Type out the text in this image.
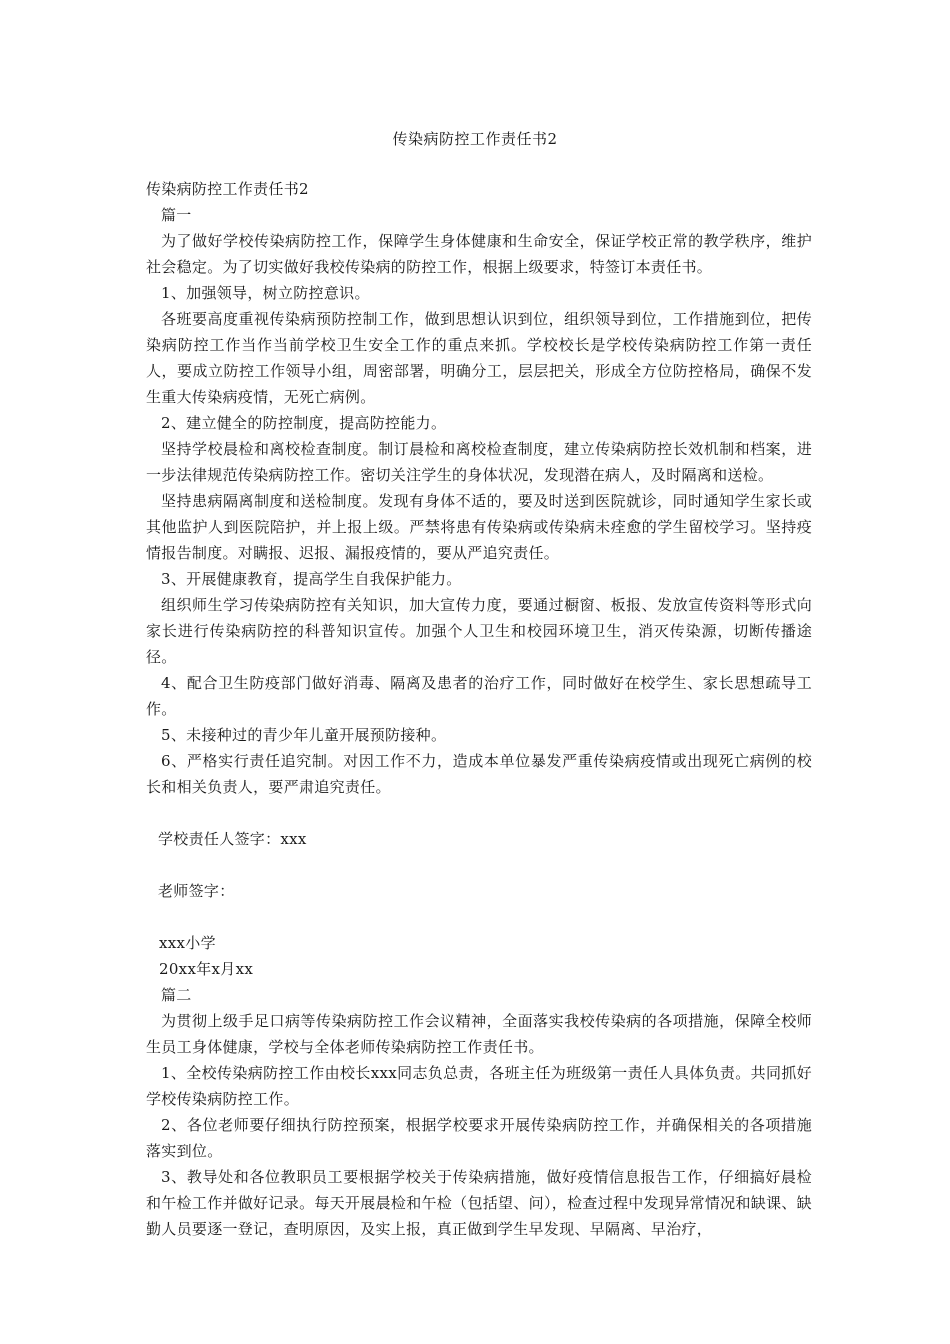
传染病防控工作责任书2

传染病防控工作责任书2

篇一

为了做好学校传染病防控工作，保障学生身体健康和生命安全，保证学校正常的教学秩序，维护社会稳定。为了切实做好我校传染病的防控工作，根据上级要求，特签订本责任书。

1、加强领导，树立防控意识。

各班要高度重视传染病预防控制工作，做到思想认识到位，组织领导到位，工作措施到位，把传染病防控工作当作当前学校卫生安全工作的重点来抓。学校校长是学校传染病防控工作第一责任人，要成立防控工作领导小组，周密部署，明确分工，层层把关，形成全方位防控格局，确保不发生重大传染病疫情，无死亡病例。

2、建立健全的防控制度，提高防控能力。

坚持学校晨检和离校检查制度。制订晨检和离校检查制度，建立传染病防控长效机制和档案，进一步法律规范传染病防控工作。密切关注学生的身体状况，发现潜在病人，及时隔离和送检。

坚持患病隔离制度和送检制度。发现有身体不适的，要及时送到医院就诊，同时通知学生家长或其他监护人到医院陪护，并上报上级。严禁将患有传染病或传染病未痊愈的学生留校学习。坚持疫情报告制度。对瞒报、迟报、漏报疫情的，要从严追究责任。

3、开展健康教育，提高学生自我保护能力。

组织师生学习传染病防控有关知识，加大宣传力度，要通过橱窗、板报、发放宣传资料等形式向家长进行传染病防控的科普知识宣传。加强个人卫生和校园环境卫生，消灭传染源，切断传播途径。

4、配合卫生防疫部门做好消毒、隔离及患者的治疗工作，同时做好在校学生、家长思想疏导工作。

5、未接种过的青少年儿童开展预防接种。

6、严格实行责任追究制。对因工作不力，造成本单位暴发严重传染病疫情或出现死亡病例的校长和相关负责人，要严肃追究责任。

学校责任人签字：xxx

老师签字：

xxx小学

20xx年x月xx

篇二

为贯彻上级手足口病等传染病防控工作会议精神，全面落实我校传染病的各项措施，保障全校师生员工身体健康，学校与全体老师传染病防控工作责任书。

1、全校传染病防控工作由校长xxx同志负总责，各班主任为班级第一责任人具体负责。共同抓好学校传染病防控工作。

2、各位老师要仔细执行防控预案，根据学校要求开展传染病防控工作，并确保相关的各项措施落实到位。

3、教导处和各位教职员工要根据学校关于传染病措施，做好疫情信息报告工作，仔细搞好晨检和午检工作并做好记录。每天开展晨检和午检（包括望、问），检查过程中发现异常情况和缺课、缺勤人员要逐一登记，查明原因，及实上报，真正做到学生早发现、早隔离、早治疗，
